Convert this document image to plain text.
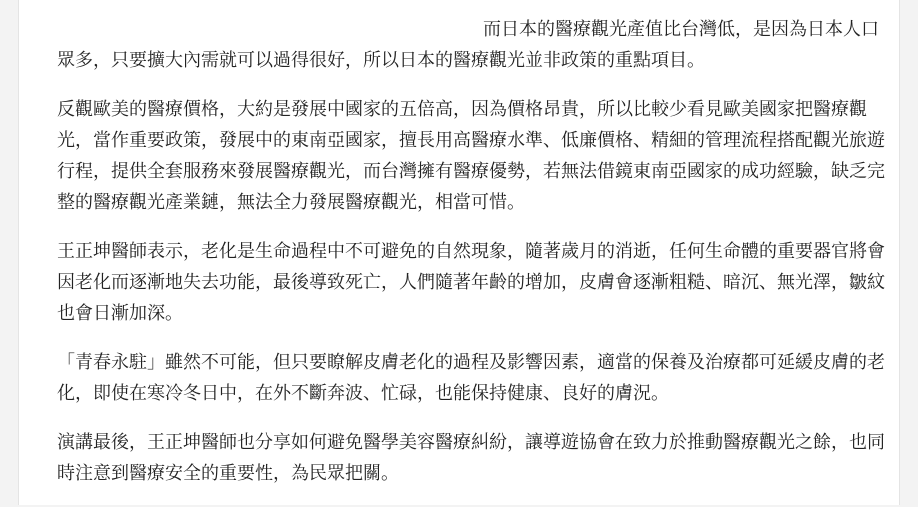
而日本的醫療觀光產值比台灣低，是因為日本人口眾多，只要擴大內需就可以過得很好，所以日本的醫療觀光並非政策的重點項目。

反觀歐美的醫療價格，大約是發展中國家的五倍高，因為價格昂貴，所以比較少看見歐美國家把醫療觀光，當作重要政策，發展中的東南亞國家，擅長用高醫療水準、低廉價格、精細的管理流程搭配觀光旅遊行程，提供全套服務來發展醫療觀光，而台灣擁有醫療優勢，若無法借鏡東南亞國家的成功經驗，缺乏完整的醫療觀光產業鏈，無法全力發展醫療觀光，相當可惜。

王正坤醫師表示，老化是生命過程中不可避免的自然現象，隨著歲月的消逝，任何生命體的重要器官將會因老化而逐漸地失去功能，最後導致死亡，人們隨著年齡的增加，皮膚會逐漸粗糙、暗沉、無光澤，皺紋也會日漸加深。

「青春永駐」雖然不可能，但只要瞭解皮膚老化的過程及影響因素，適當的保養及治療都可延緩皮膚的老化，即使在寒冷冬日中，在外不斷奔波、忙碌，也能保持健康、良好的膚況。

演講最後，王正坤醫師也分享如何避免醫學美容醫療糾紛，讓導遊協會在致力於推動醫療觀光之餘，也同時注意到醫療安全的重要性，為民眾把關。
